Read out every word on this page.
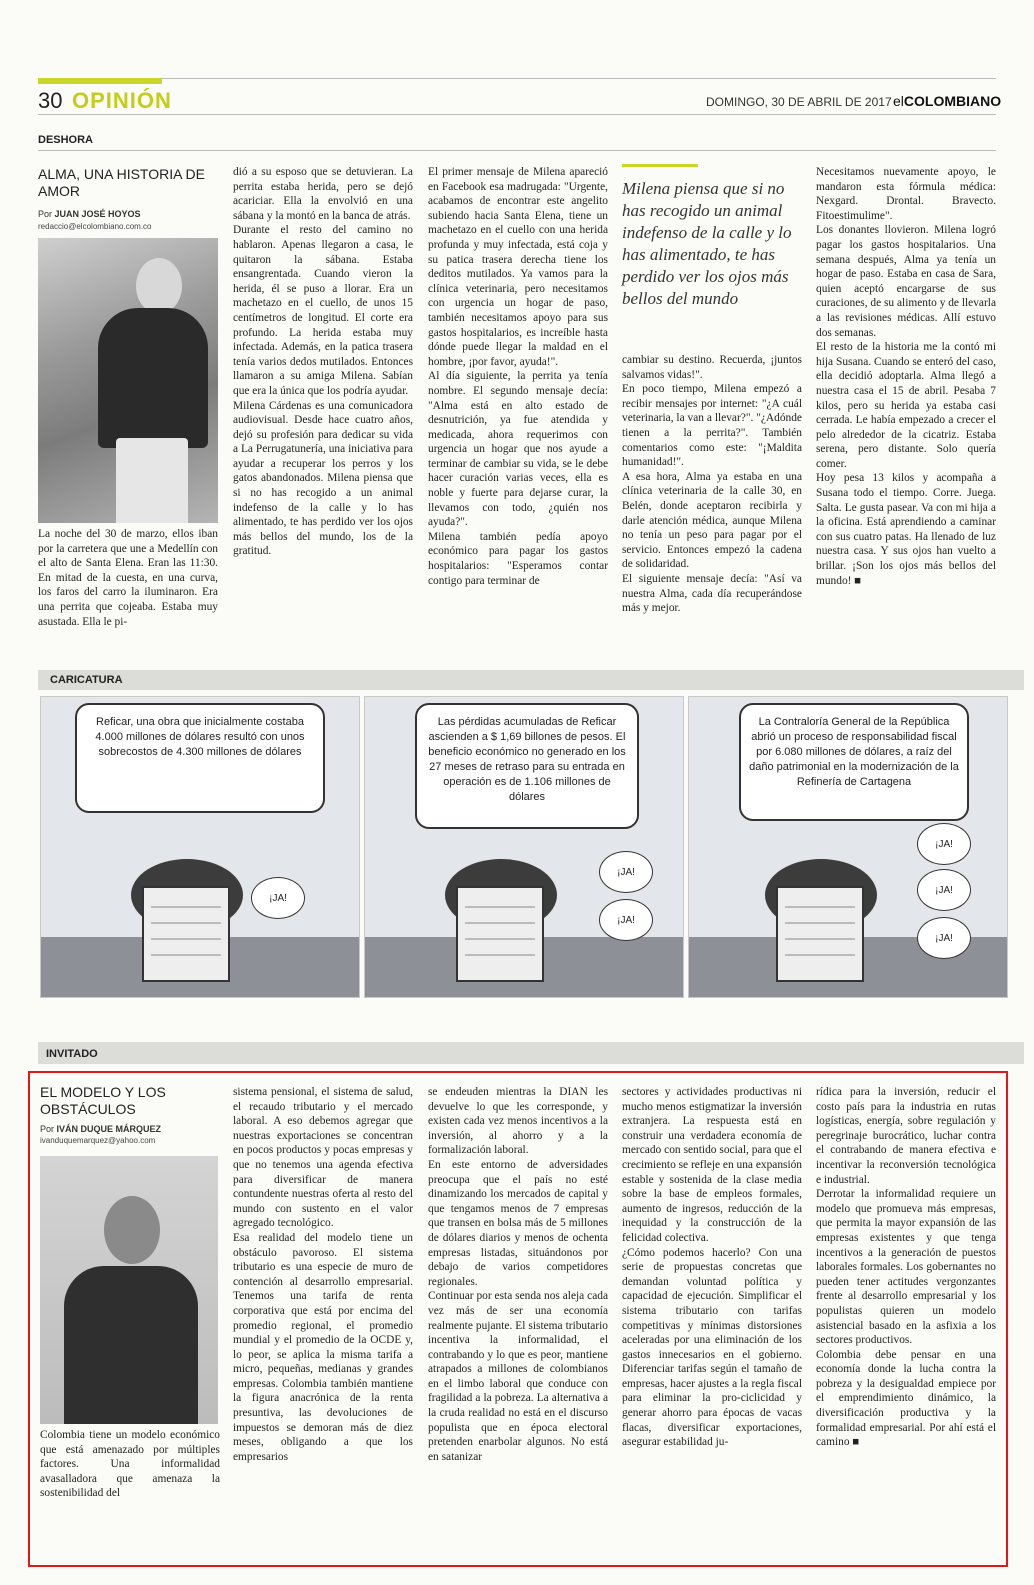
30 OPINIÓN	DOMINGO, 30 DE ABRIL DE 2017 elCOLOMBIANO
DESHORA
ALMA, UNA HISTORIA DE AMOR
Por JUAN JOSÉ HOYOS
redaccio@elcolombiano.com.co
La noche del 30 de marzo, ellos iban por la carretera que une a Medellín con el alto de Santa Elena. Eran las 11:30. En mitad de la cuesta, en una curva, los faros del carro la iluminaron. Era una perrita que cojeaba. Estaba muy asustada. Ella le pi-
dió a su esposo que se detuvieran. La perrita estaba herida, pero se dejó acariciar. Ella la envolvió en una sábana y la montó en la banca de atrás.
Durante el resto del camino no hablaron. Apenas llegaron a casa, le quitaron la sábana. Estaba ensangrentada. Cuando vieron la herida, él se puso a llorar. Era un machetazo en el cuello, de unos 15 centímetros de longitud. El corte era profundo. La herida estaba muy infectada. Además, en la patica trasera tenía varios dedos mutilados. Entonces llamaron a su amiga Milena. Sabían que era la única que los podría ayudar.
Milena Cárdenas es una comunicadora audiovisual. Desde hace cuatro años, dejó su profesión para dedicar su vida a La Perrugatunería, una iniciativa para ayudar a recuperar los perros y los gatos abandonados. Milena piensa que si no has recogido a un animal indefenso de la calle y lo has alimentado, te has perdido ver los ojos más bellos del mundo, los de la gratitud.
El primer mensaje de Milena apareció en Facebook esa madrugada: "Urgente, acabamos de encontrar este angelito subiendo hacia Santa Elena, tiene un machetazo en el cuello con una herida profunda y muy infectada, está coja y su patica trasera derecha tiene los deditos mutilados. Ya vamos para la clínica veterinaria, pero necesitamos con urgencia un hogar de paso, también necesitamos apoyo para sus gastos hospitalarios, es increíble hasta dónde puede llegar la maldad en el hombre, ¡por favor, ayuda!".
Al día siguiente, la perrita ya tenía nombre. El segundo mensaje decía: "Alma está en alto estado de desnutrición, ya fue atendida y medicada, ahora requerimos con urgencia un hogar que nos ayude a terminar de cambiar su vida, se le debe hacer curación varias veces, ella es noble y fuerte para dejarse curar, la llevamos con todo, ¿quién nos ayuda?".
Milena también pedía apoyo económico para pagar los gastos hospitalarios: "Esperamos contar contigo para terminar de
Milena piensa que si no has recogido un animal indefenso de la calle y lo has alimentado, te has perdido ver los ojos más bellos del mundo
cambiar su destino. Recuerda, ¡juntos salvamos vidas!".
En poco tiempo, Milena empezó a recibir mensajes por internet: "¿A cuál veterinaria, la van a llevar?". "¿Adónde tienen a la perrita?". También comentarios como este: "¡Maldita humanidad!".
A esa hora, Alma ya estaba en una clínica veterinaria de la calle 30, en Belén, donde aceptaron recibirla y darle atención médica, aunque Milena no tenía un peso para pagar por el servicio. Entonces empezó la cadena de solidaridad.
El siguiente mensaje decía: "Así va nuestra Alma, cada día recuperándose más y mejor.
Necesitamos nuevamente apoyo, le mandaron esta fórmula médica: Nexgard. Drontal. Bravecto. Fitoestimulime".
Los donantes llovieron. Milena logró pagar los gastos hospitalarios. Una semana después, Alma ya tenía un hogar de paso. Estaba en casa de Sara, quien aceptó encargarse de sus curaciones, de su alimento y de llevarla a las revisiones médicas. Allí estuvo dos semanas.
El resto de la historia me la contó mi hija Susana. Cuando se enteró del caso, ella decidió adoptarla. Alma llegó a nuestra casa el 15 de abril. Pesaba 7 kilos, pero su herida ya estaba casi cerrada. Le había empezado a crecer el pelo alrededor de la cicatriz. Estaba serena, pero distante. Solo quería comer.
Hoy pesa 13 kilos y acompaña a Susana todo el tiempo. Corre. Juega. Salta. Le gusta pasear. Va con mi hija a la oficina. Está aprendiendo a caminar con sus cuatro patas. Ha llenado de luz nuestra casa. Y sus ojos han vuelto a brillar. ¡Son los ojos más bellos del mundo! ■
CARICATURA
Reficar, una obra que inicialmente costaba 4.000 millones de dólares resultó con unos sobrecostos de 4.300 millones de dólares
¡JA!
Las pérdidas acumuladas de Reficar ascienden a $ 1,69 billones de pesos. El beneficio económico no generado en los 27 meses de retraso para su entrada en operación es de 1.106 millones de dólares
¡JA!
¡JA!
La Contraloría General de la República abrió un proceso de responsabilidad fiscal por 6.080 millones de dólares, a raíz del daño patrimonial en la modernización de la Refinería de Cartagena
¡JA!
¡JA!
¡JA!
INVITADO
EL MODELO Y LOS OBSTÁCULOS
Por IVÁN DUQUE MÁRQUEZ
ivanduquemarquez@yahoo.com
Colombia tiene un modelo económico que está amenazado por múltiples factores. Una informalidad avasalladora que amenaza la sostenibilidad del
sistema pensional, el sistema de salud, el recaudo tributario y el mercado laboral. A eso debemos agregar que nuestras exportaciones se concentran en pocos productos y pocas empresas y que no tenemos una agenda efectiva para diversificar de manera contundente nuestras oferta al resto del mundo con sustento en el valor agregado tecnológico.
Esa realidad del modelo tiene un obstáculo pavoroso. El sistema tributario es una especie de muro de contención al desarrollo empresarial. Tenemos una tarifa de renta corporativa que está por encima del promedio regional, el promedio mundial y el promedio de la OCDE y, lo peor, se aplica la misma tarifa a micro, pequeñas, medianas y grandes empresas. Colombia también mantiene la figura anacrónica de la renta presuntiva, las devoluciones de impuestos se demoran más de diez meses, obligando a que los empresarios
se endeuden mientras la DIAN les devuelve lo que les corresponde, y existen cada vez menos incentivos a la inversión, al ahorro y a la formalización laboral.
En este entorno de adversidades preocupa que el país no esté dinamizando los mercados de capital y que tengamos menos de 7 empresas que transen en bolsa más de 5 millones de dólares diarios y menos de ochenta empresas listadas, situándonos por debajo de varios competidores regionales.
Continuar por esta senda nos aleja cada vez más de ser una economía realmente pujante. El sistema tributario incentiva la informalidad, el contrabando y lo que es peor, mantiene atrapados a millones de colombianos en el limbo laboral que conduce con fragilidad a la pobreza. La alternativa a la cruda realidad no está en el discurso populista que en época electoral pretenden enarbolar algunos. No está en satanizar
sectores y actividades productivas ni mucho menos estigmatizar la inversión extranjera. La respuesta está en construir una verdadera economía de mercado con sentido social, para que el crecimiento se refleje en una expansión estable y sostenida de la clase media sobre la base de empleos formales, aumento de ingresos, reducción de la inequidad y la construcción de la felicidad colectiva.
¿Cómo podemos hacerlo? Con una serie de propuestas concretas que demandan voluntad política y capacidad de ejecución. Simplificar el sistema tributario con tarifas competitivas y mínimas distorsiones aceleradas por una eliminación de los gastos innecesarios en el gobierno. Diferenciar tarifas según el tamaño de empresas, hacer ajustes a la regla fiscal para eliminar la pro-ciclicidad y generar ahorro para épocas de vacas flacas, diversificar exportaciones, asegurar estabilidad ju-
rídica para la inversión, reducir el costo país para la industria en rutas logísticas, energía, sobre regulación y peregrinaje burocrático, luchar contra el contrabando de manera efectiva e incentivar la reconversión tecnológica e industrial.
Derrotar la informalidad requiere un modelo que promueva más empresas, que permita la mayor expansión de las empresas existentes y que tenga incentivos a la generación de puestos laborales formales. Los gobernantes no pueden tener actitudes vergonzantes frente al desarrollo empresarial y los populistas quieren un modelo asistencial basado en la asfixia a los sectores productivos.
Colombia debe pensar en una economía donde la lucha contra la pobreza y la desigualdad empiece por el emprendimiento dinámico, la diversificación productiva y la formalidad empresarial. Por ahí está el camino ■
